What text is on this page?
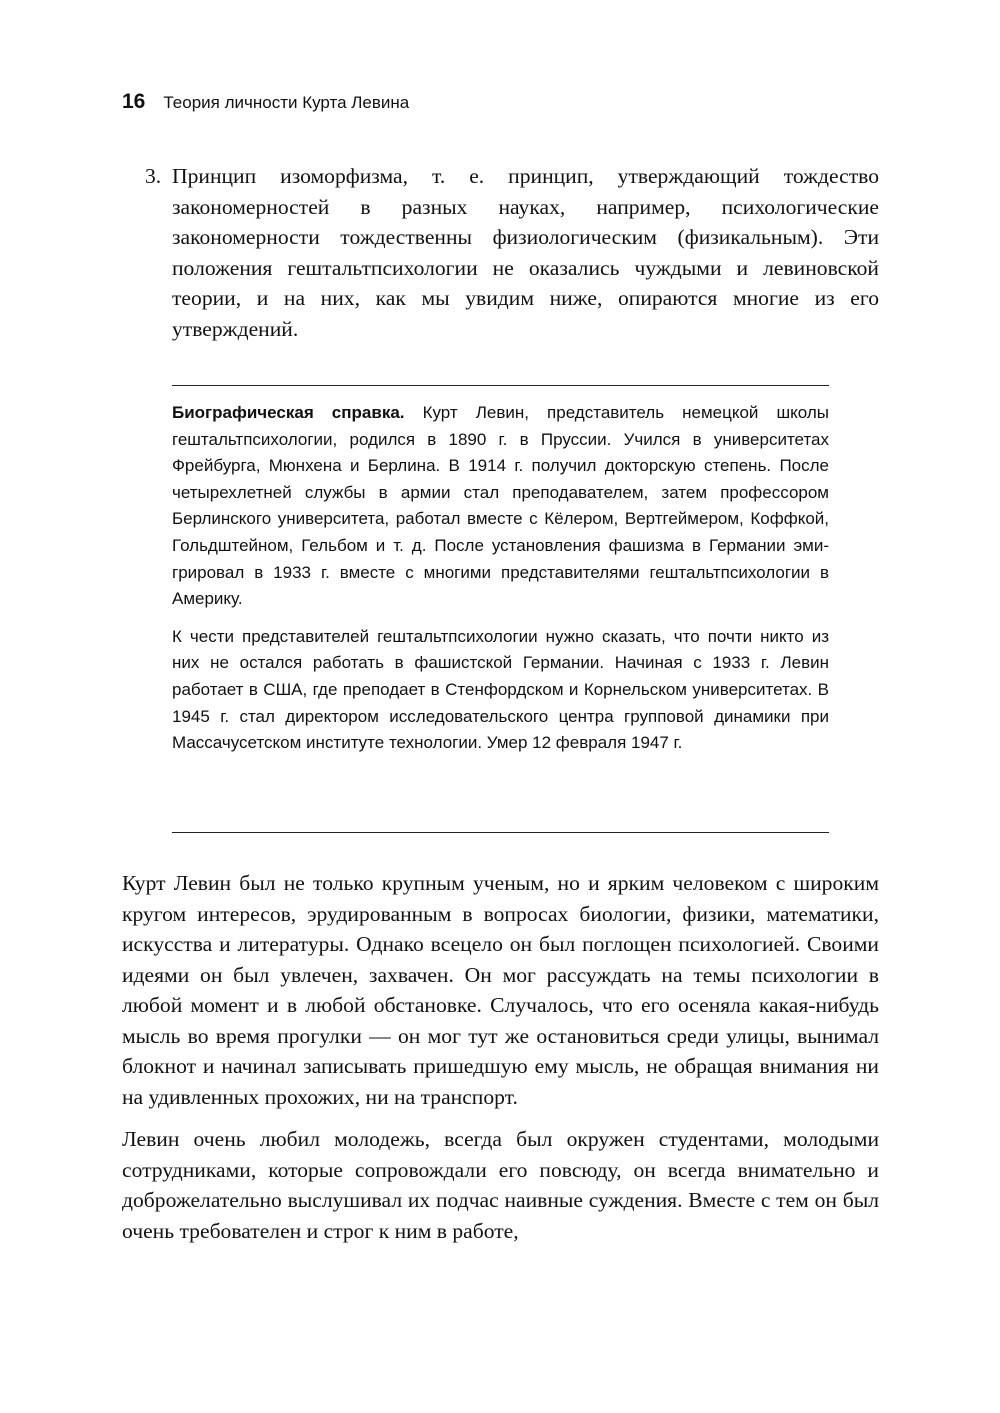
16 Теория личности Курта Левина
3. Принцип изоморфизма, т. е. принцип, утверждающий тождество закономерностей в разных науках, например, психологические закономерности тождественны физиологическим (физикальным). Эти положения гештальтпсихологии не оказались чуждыми и левиновской теории, и на них, как мы увидим ниже, опираются многие из его утверждений.

Биографическая справка. Курт Левин, представитель немецкой школы гештальтпсихологии, родился в 1890 г. в Пруссии. Учился в университетах Фрейбурга, Мюнхена и Берлина. В 1914 г. получил докторскую степень. После четырехлетней службы в армии стал преподавателем, затем профессором Берлинского университета, работал вместе с Кёлером, Вертгеймером, Коффкой, Гольдштейном, Гельбом и т. д. После установления фашизма в Германии эмигрировал в 1933 г. вместе с многими представителями гештальтпсихологии в Америку.

К чести представителей гештальтпсихологии нужно сказать, что почти никто из них не остался работать в фашистской Германии. Начиная с 1933 г. Левин работает в США, где преподает в Стенфордском и Корнельском университетах. В 1945 г. стал директором исследовательского центра групповой динамики при Массачусетском институте технологии. Умер 12 февраля 1947 г.

Курт Левин был не только крупным ученым, но и ярким человеком с широким кругом интересов, эрудированным в вопросах биологии, физики, математики, искусства и литературы. Однако всецело он был поглощен психологией. Своими идеями он был увлечен, захвачен. Он мог рассуждать на темы психологии в любой момент и в любой обстановке. Случалось, что его осеняла какая-нибудь мысль во время прогулки — он мог тут же остановиться среди улицы, вынимал блокнот и начинал записывать пришедшую ему мысль, не обращая внимания ни на удивленных прохожих, ни на транспорт.

Левин очень любил молодежь, всегда был окружен студентами, молодыми сотрудниками, которые сопровождали его повсюду, он всегда внимательно и доброжелательно выслушивал их подчас наивные суждения. Вместе с тем он был очень требователен и строг к ним в работе,
